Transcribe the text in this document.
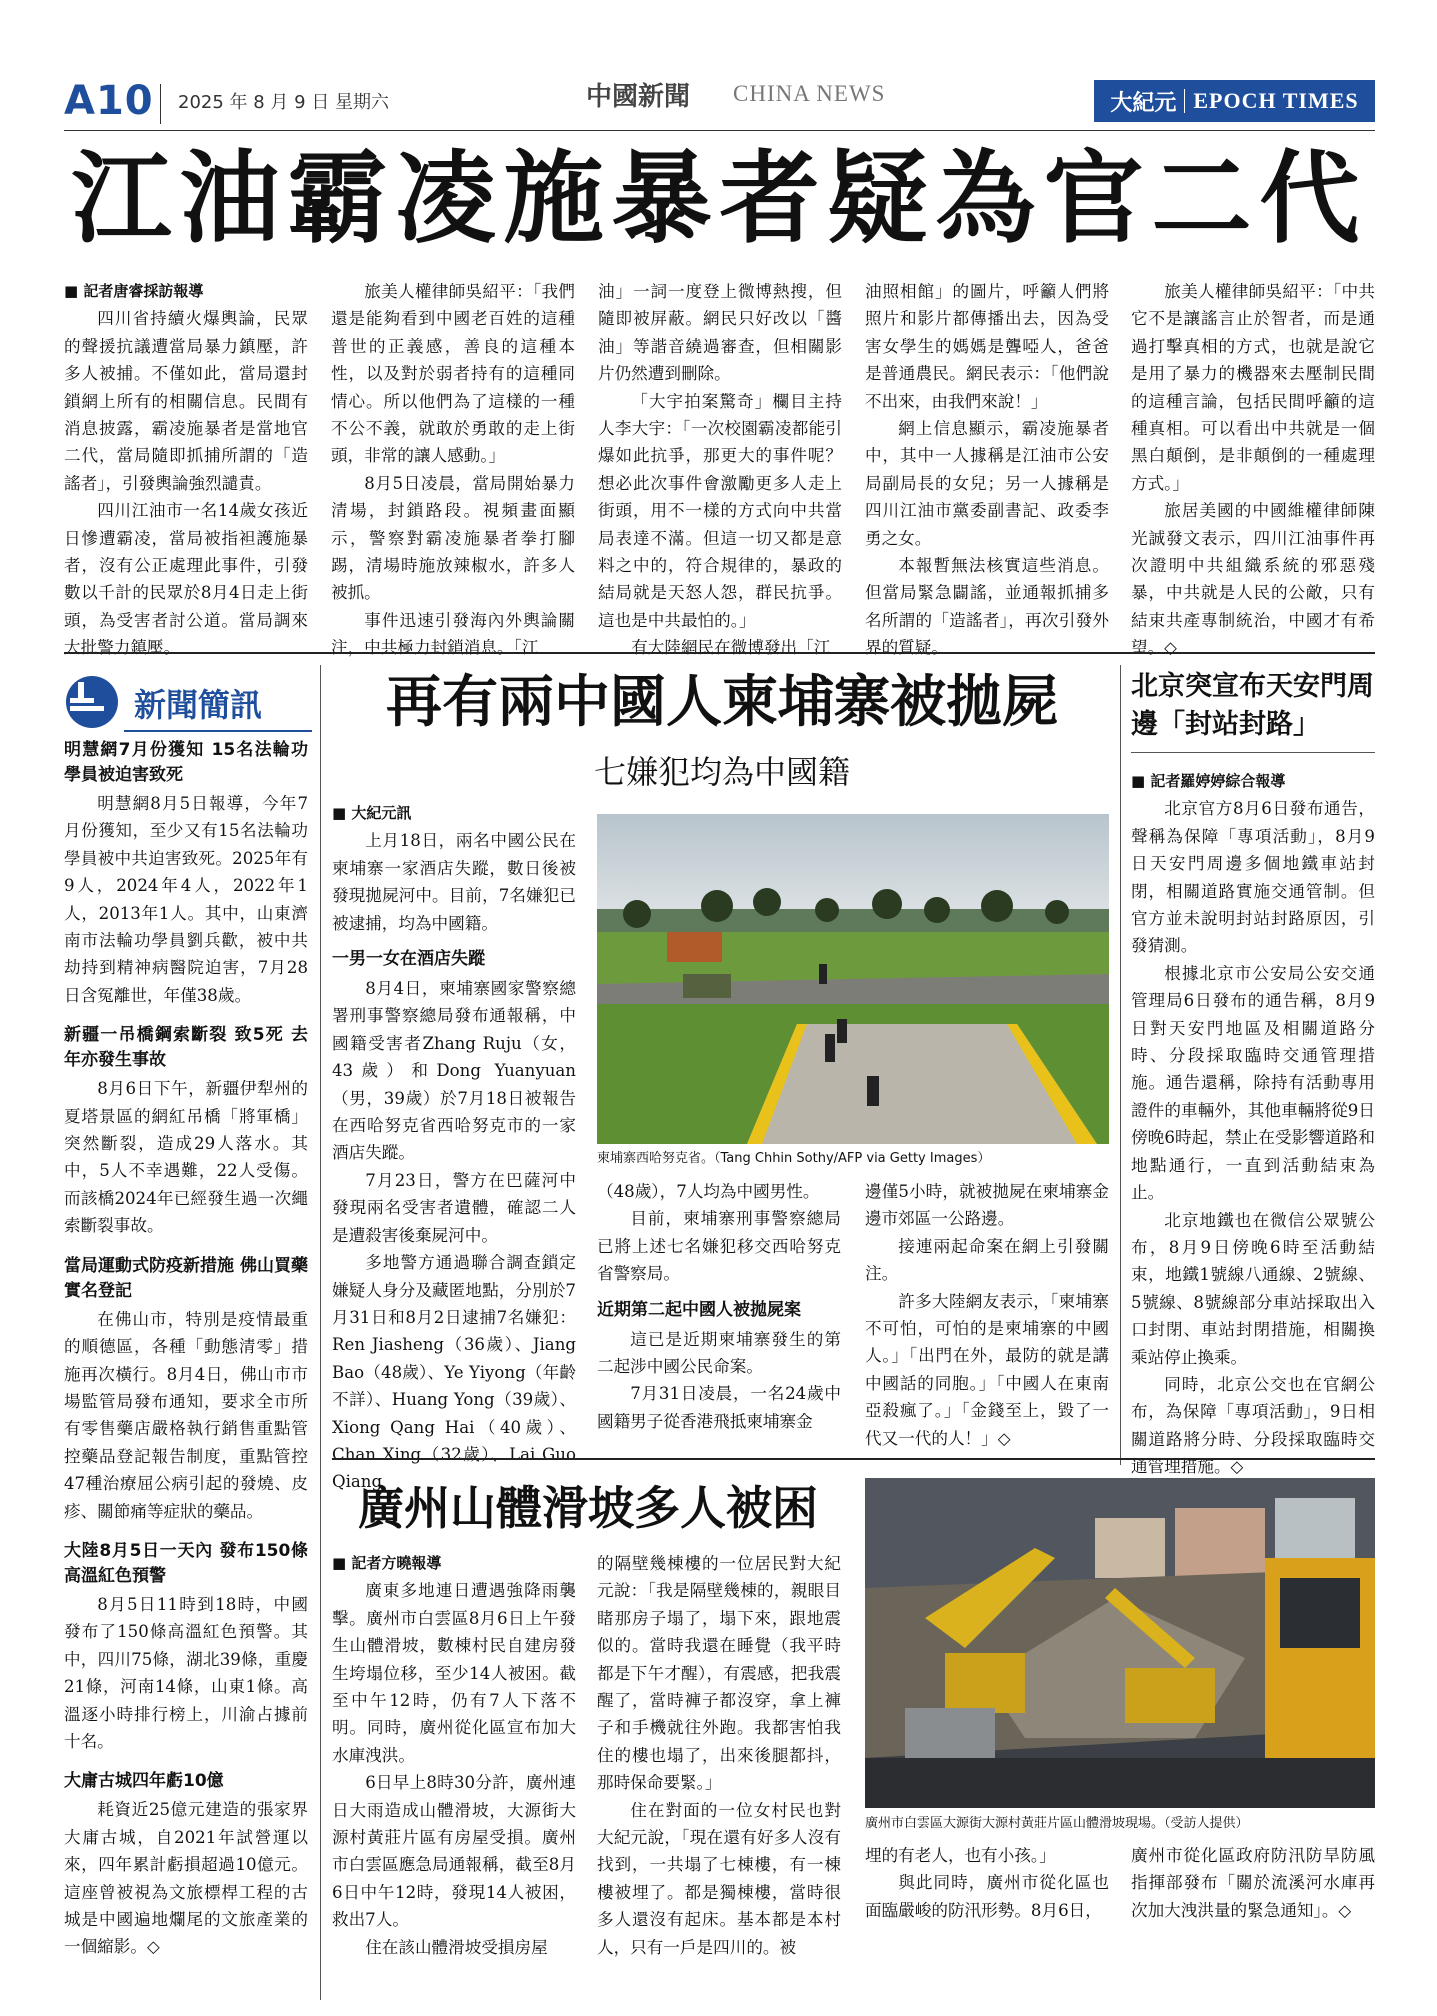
A10 2025 年 8 月 9 日 星期六	中國新聞 CHINA NEWS	大紀元 EPOCH TIMES
江油霸凌施暴者疑為官二代
■ 記者唐睿採訪報導

四川省持續火爆輿論，民眾的聲援抗議遭當局暴力鎮壓，許多人被捕。不僅如此，當局還封鎖網上所有的相關信息。民間有消息披露，霸凌施暴者是當地官二代，當局隨即抓捕所謂的「造謠者」，引發輿論強烈譴責。

四川江油市一名14歲女孩近日慘遭霸凌，當局被指袒護施暴者，沒有公正處理此事件，引發數以千計的民眾於8月4日走上街頭，為受害者討公道。當局調來大批警力鎮壓。

旅美人權律師吳紹平：「我們還是能夠看到中國老百姓的這種普世的正義感，善良的這種本性，以及對於弱者持有的這種同情心。所以他們為了這樣的一種不公不義，就敢於勇敢的走上街頭，非常的讓人感動。」

8月5日凌晨，當局開始暴力清場，封鎖路段。視頻畫面顯示，警察對霸凌施暴者拳打腳踢，清場時施放辣椒水，許多人被抓。

事件迅速引發海內外輿論關注，中共極力封鎖消息。「江

油」一詞一度登上微博熱搜，但隨即被屏蔽。網民只好改以「醬油」等諧音繞過審查，但相關影片仍然遭到刪除。

「大宇拍案驚奇」欄目主持人李大宇：「一次校園霸凌都能引爆如此抗爭，那更大的事件呢？想必此次事件會激勵更多人走上街頭，用不一樣的方式向中共當局表達不滿。但這一切又都是意料之中的，符合規律的，暴政的結局就是天怒人怨，群民抗爭。這也是中共最怕的。」

有大陸網民在微博發出「江

油照相館」的圖片，呼籲人們將照片和影片都傳播出去，因為受害女學生的媽媽是聾啞人，爸爸是普通農民。網民表示：「他們說不出來，由我們來說！」

網上信息顯示，霸凌施暴者中，其中一人據稱是江油市公安局副局長的女兒；另一人據稱是四川江油市黨委副書記、政委李勇之女。

本報暫無法核實這些消息。但當局緊急闢謠，並通報抓捕多名所謂的「造謠者」，再次引發外界的質疑。

旅美人權律師吳紹平：「中共它不是讓謠言止於智者，而是通過打擊真相的方式，也就是說它是用了暴力的機器來去壓制民間的這種言論，包括民間呼籲的這種真相。可以看出中共就是一個黑白顛倒，是非顛倒的一種處理方式。」

旅居美國的中國維權律師陳光誠發文表示，四川江油事件再次證明中共組織系統的邪惡殘暴，中共就是人民的公敵，只有結束共產專制統治，中國才有希望。◇

新聞簡訊
明慧網7月份獲知 15名法輪功學員被迫害致死

明慧網8月5日報導，今年7月份獲知，至少又有15名法輪功學員被中共迫害致死。2025年有9人，2024年4人，2022年1人，2013年1人。其中，山東濟南市法輪功學員劉兵歡，被中共劫持到精神病醫院迫害，7月28日含冤離世，年僅38歲。

新疆一吊橋鋼索斷裂 致5死 去年亦發生事故

8月6日下午，新疆伊犁州的夏塔景區的網紅吊橋「將軍橋」突然斷裂，造成29人落水。其中，5人不幸遇難，22人受傷。而該橋2024年已經發生過一次繩索斷裂事故。

當局運動式防疫新措施 佛山買藥實名登記

在佛山市，特別是疫情最重的順德區，各種「動態清零」措施再次橫行。8月4日，佛山市市場監管局發布通知，要求全市所有零售藥店嚴格執行銷售重點管控藥品登記報告制度，重點管控47種治療屈公病引起的發燒、皮疹、關節痛等症狀的藥品。

大陸8月5日一天內 發布150條高溫紅色預警

8月5日11時到18時，中國發布了150條高溫紅色預警。其中，四川75條，湖北39條，重慶21條，河南14條，山東1條。高溫逐小時排行榜上，川渝占據前十名。

大庸古城四年虧10億

耗資近25億元建造的張家界大庸古城，自2021年試營運以來，四年累計虧損超過10億元。這座曾被視為文旅標桿工程的古城是中國遍地爛尾的文旅產業的一個縮影。◇

再有兩中國人柬埔寨被拋屍
七嫌犯均為中國籍
■ 大紀元訊

上月18日，兩名中國公民在柬埔寨一家酒店失蹤，數日後被發現拋屍河中。目前，7名嫌犯已被逮捕，均為中國籍。

一男一女在酒店失蹤

8月4日，柬埔寨國家警察總署刑事警察總局發布通報稱，中國籍受害者Zhang Ruju（女，43歲）和Dong Yuanyuan（男，39歲）於7月18日被報告在西哈努克省西哈努克市的一家酒店失蹤。

7月23日，警方在巴薩河中發現兩名受害者遺體，確認二人是遭殺害後棄屍河中。

多地警方通過聯合調查鎖定嫌疑人身分及藏匿地點，分別於7月31日和8月2日逮捕7名嫌犯：Ren Jiasheng（36歲）、Jiang Bao（48歲）、Ye Yiyong（年齡不詳）、Huang Yong（39歲）、Xiong Qang Hai（40歲）、Chan Xing（32歲）、Lai Guo Qiang

柬埔寨西哈努克省。（Tang Chhin Sothy/AFP via Getty Images）

（48歲），7人均為中國男性。

目前，柬埔寨刑事警察總局已將上述七名嫌犯移交西哈努克省警察局。

近期第二起中國人被拋屍案

這已是近期柬埔寨發生的第二起涉中國公民命案。

7月31日凌晨，一名24歲中國籍男子從香港飛抵柬埔寨金

邊僅5小時，就被拋屍在柬埔寨金邊市郊區一公路邊。

接連兩起命案在網上引發關注。

許多大陸網友表示，「柬埔寨不可怕，可怕的是柬埔寨的中國人。」「出門在外，最防的就是講中國話的同胞。」「中國人在東南亞殺瘋了。」「金錢至上，毀了一代又一代的人！」◇

北京突宣布天安門周邊「封站封路」
■ 記者羅婷婷綜合報導

北京官方8月6日發布通告，聲稱為保障「專項活動」，8月9日天安門周邊多個地鐵車站封閉，相關道路實施交通管制。但官方並未說明封站封路原因，引發猜測。

根據北京市公安局公安交通管理局6日發布的通告稱，8月9日對天安門地區及相關道路分時、分段採取臨時交通管理措施。通告還稱，除持有活動專用證件的車輛外，其他車輛將從9日傍晚6時起，禁止在受影響道路和地點通行，一直到活動結束為止。

北京地鐵也在微信公眾號公布，8月9日傍晚6時至活動結束，地鐵1號線八通線、2號線、5號線、8號線部分車站採取出入口封閉、車站封閉措施，相關換乘站停止換乘。

同時，北京公交也在官網公布，為保障「專項活動」，9日相關道路將分時、分段採取臨時交通管理措施。◇

廣州山體滑坡多人被困
■ 記者方曉報導

廣東多地連日遭遇強降雨襲擊。廣州市白雲區8月6日上午發生山體滑坡，數棟村民自建房發生垮塌位移，至少14人被困。截至中午12時，仍有7人下落不明。同時，廣州從化區宣布加大水庫洩洪。

6日早上8時30分許，廣州連日大雨造成山體滑坡，大源街大源村黃莊片區有房屋受損。廣州市白雲區應急局通報稱，截至8月6日中午12時，發現14人被困，救出7人。

住在該山體滑坡受損房屋

的隔壁幾棟樓的一位居民對大紀元說：「我是隔壁幾棟的，親眼目睹那房子塌了，塌下來，跟地震似的。當時我還在睡覺（我平時都是下午才醒），有震感，把我震醒了，當時褲子都沒穿，拿上褲子和手機就往外跑。我都害怕我住的樓也塌了，出來後腿都抖，那時保命要緊。」

住在對面的一位女村民也對大紀元說，「現在還有好多人沒有找到，一共塌了七棟樓，有一棟樓被埋了。都是獨棟樓，當時很多人還沒有起床。基本都是本村人，只有一戶是四川的。被

廣州市白雲區大源街大源村黃莊片區山體滑坡現場。（受訪人提供）

埋的有老人，也有小孩。」

與此同時，廣州市從化區也面臨嚴峻的防汛形勢。8月6日，

廣州市從化區政府防汛防旱防風指揮部發布「關於流溪河水庫再次加大洩洪量的緊急通知」。◇
